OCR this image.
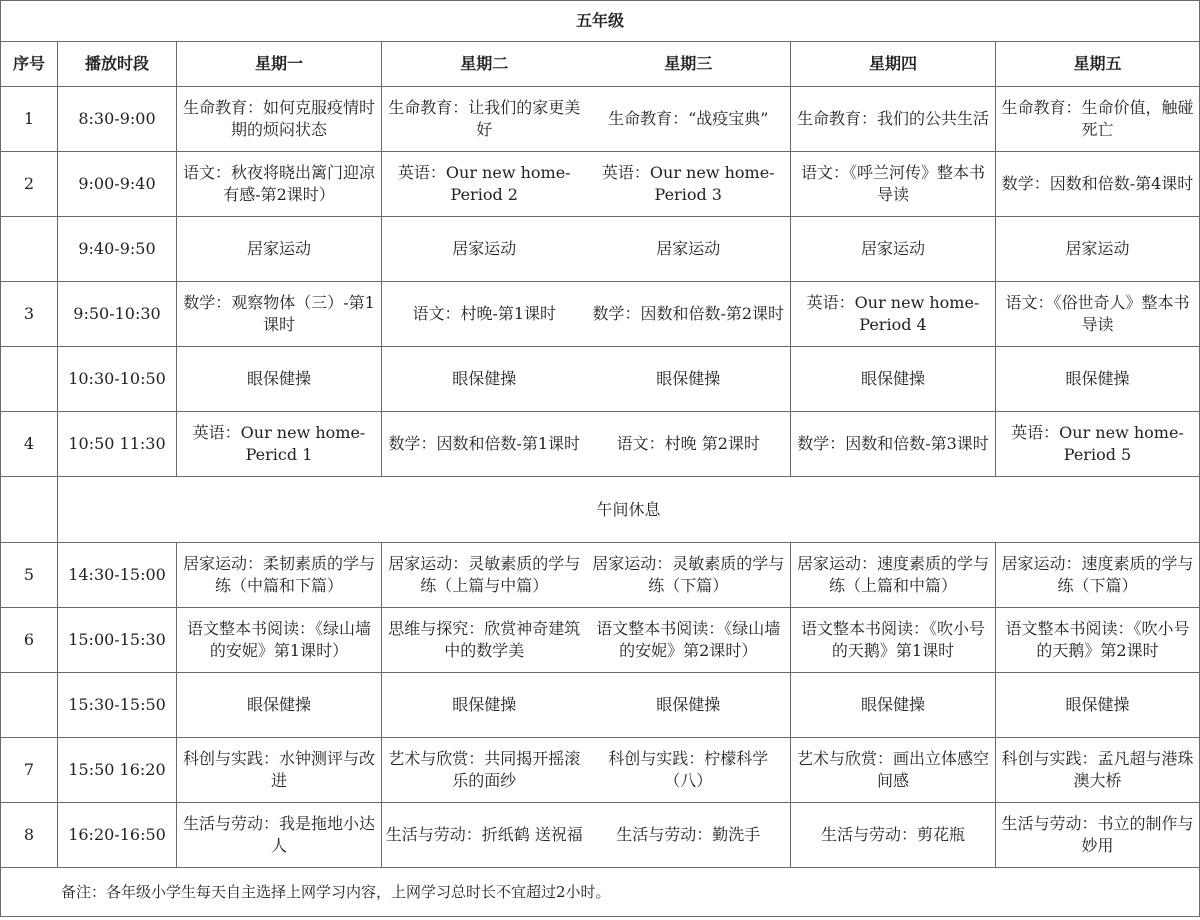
五年级						
序号	播放时段	星期一	星期二	星期三	星期四	星期五
1	8:30-9:00	生命教育：如何克服疫情时期的烦闷状态	生命教育：让我们的家更美好	生命教育：“战疫宝典”	生命教育：我们的公共生活	生命教育：生命价值，触碰死亡
2	9:00-9:40	语文：秋夜将晓出篱门迎凉有感-第2课时）	英语：Our new home-Period 2	英语：Our new home-Period 3	语文：《呼兰河传》整本书导读	数学：因数和倍数-第4课时
	9:40-9:50	居家运动	居家运动	居家运动	居家运动	居家运动
3	9:50-10:30	数学：观察物体（三）-第1课时	语文：村晚-第1课时	数学：因数和倍数-第2课时	英语：Our new home-Period 4	语文：《俗世奇人》整本书导读
	10:30-10:50	眼保健操	眼保健操	眼保健操	眼保健操	眼保健操
4	10:50 11:30	英语：Our new home-Pericd 1	数学：因数和倍数-第1课时	语文：村晚 第2课时	数学：因数和倍数-第3课时	英语：Our new home-Period 5
	午间休息					
5	14:30-15:00	居家运动：柔韧素质的学与练（中篇和下篇）	居家运动：灵敏素质的学与练（上篇与中篇）	居家运动：灵敏素质的学与练（下篇）	居家运动：速度素质的学与练（上篇和中篇）	居家运动：速度素质的学与练（下篇）
6	15:00-15:30	语文整本书阅读：《绿山墙的安妮》第1课时）	思维与探究：欣赏神奇建筑中的数学美	语文整本书阅读：《绿山墙的安妮》第2课时）	语文整本书阅读：《吹小号的天鹅》第1课时	语文整本书阅读：《吹小号的天鹅》第2课时
	15:30-15:50	眼保健操	眼保健操	眼保健操	眼保健操	眼保健操
7	15:50 16:20	科创与实践：水钟测评与改进	艺术与欣赏：共同揭开摇滚乐的面纱	科创与实践：柠檬科学（八）	艺术与欣赏：画出立体感空间感	科创与实践：孟凡超与港珠澳大桥
8	16:20-16:50	生活与劳动：我是拖地小达人	生活与劳动：折纸鹤 送祝福	生活与劳动：勤洗手	生活与劳动：剪花瓶	生活与劳动：书立的制作与妙用
备注：各年级小学生每天自主选择上网学习内容，上网学习总时长不宜超过2小时。						
